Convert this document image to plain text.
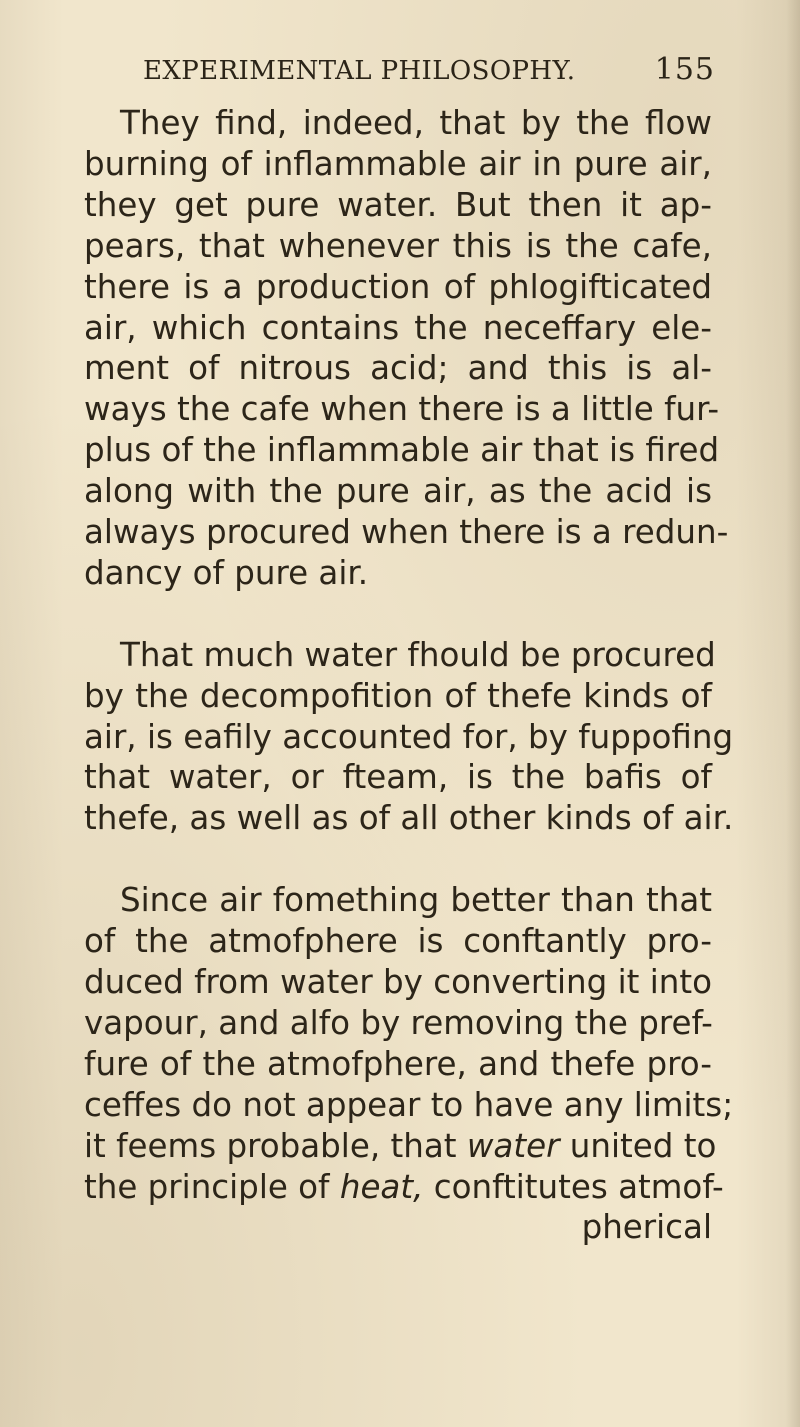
EXPERIMENTAL PHILOSOPHY.	155
They find, indeed, that by the flow
burning of inflammable air in pure air,
they get pure water. But then it ap-
pears, that whenever this is the cafe,
there is a production of phlogifticated
air, which contains the neceffary ele-
ment of nitrous acid; and this is al-
ways the cafe when there is a little fur-
plus of the inflammable air that is fired
along with the pure air, as the acid is
always procured when there is a redun-
dancy of pure air.
That much water fhould be procured
by the decompofition of thefe kinds of
air, is eafily accounted for, by fuppofing
that water, or fteam, is the bafis of
thefe, as well as of all other kinds of air.
Since air fomething better than that
of the atmofphere is conftantly pro-
duced from water by converting it into
vapour, and alfo by removing the pref-
fure of the atmofphere, and thefe pro-
ceffes do not appear to have any limits;
it feems probable, that water united to
the principle of heat, conftitutes atmof-
pherical
